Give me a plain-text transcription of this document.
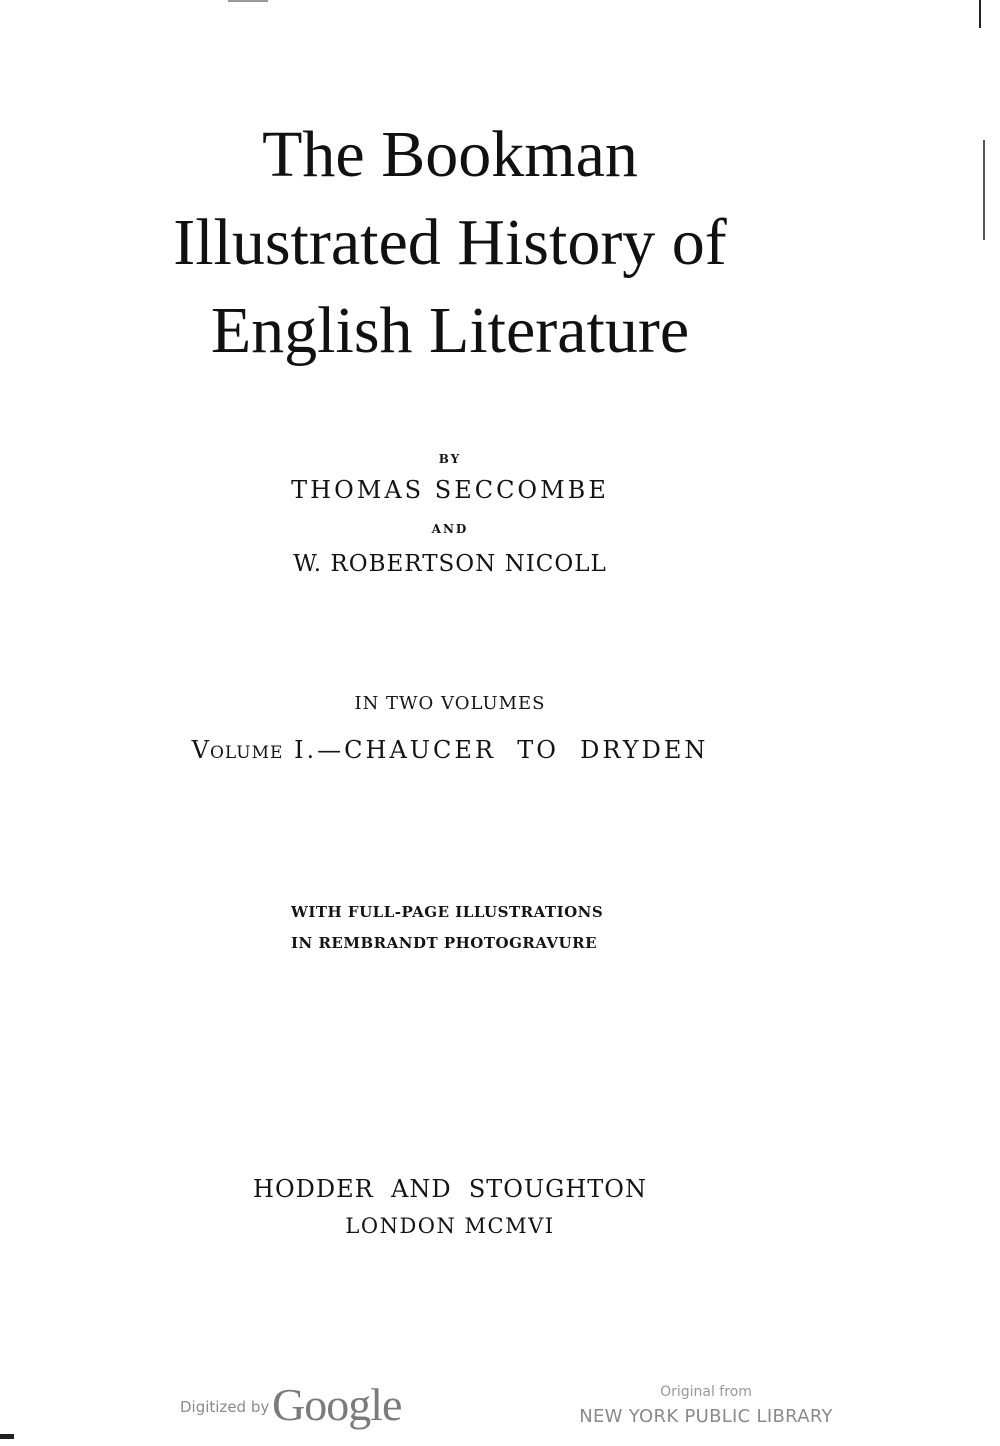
The Bookman
Illustrated History of
English Literature
BY
THOMAS SECCOMBE
AND
W. ROBERTSON NICOLL
IN TWO VOLUMES
VOLUME I.—CHAUCER  TO  DRYDEN
WITH FULL-PAGE ILLUSTRATIONS
IN REMBRANDT PHOTOGRAVURE
HODDER  AND  STOUGHTON
LONDON MCMVI
Digitized by Google	Original from
NEW YORK PUBLIC LIBRARY
